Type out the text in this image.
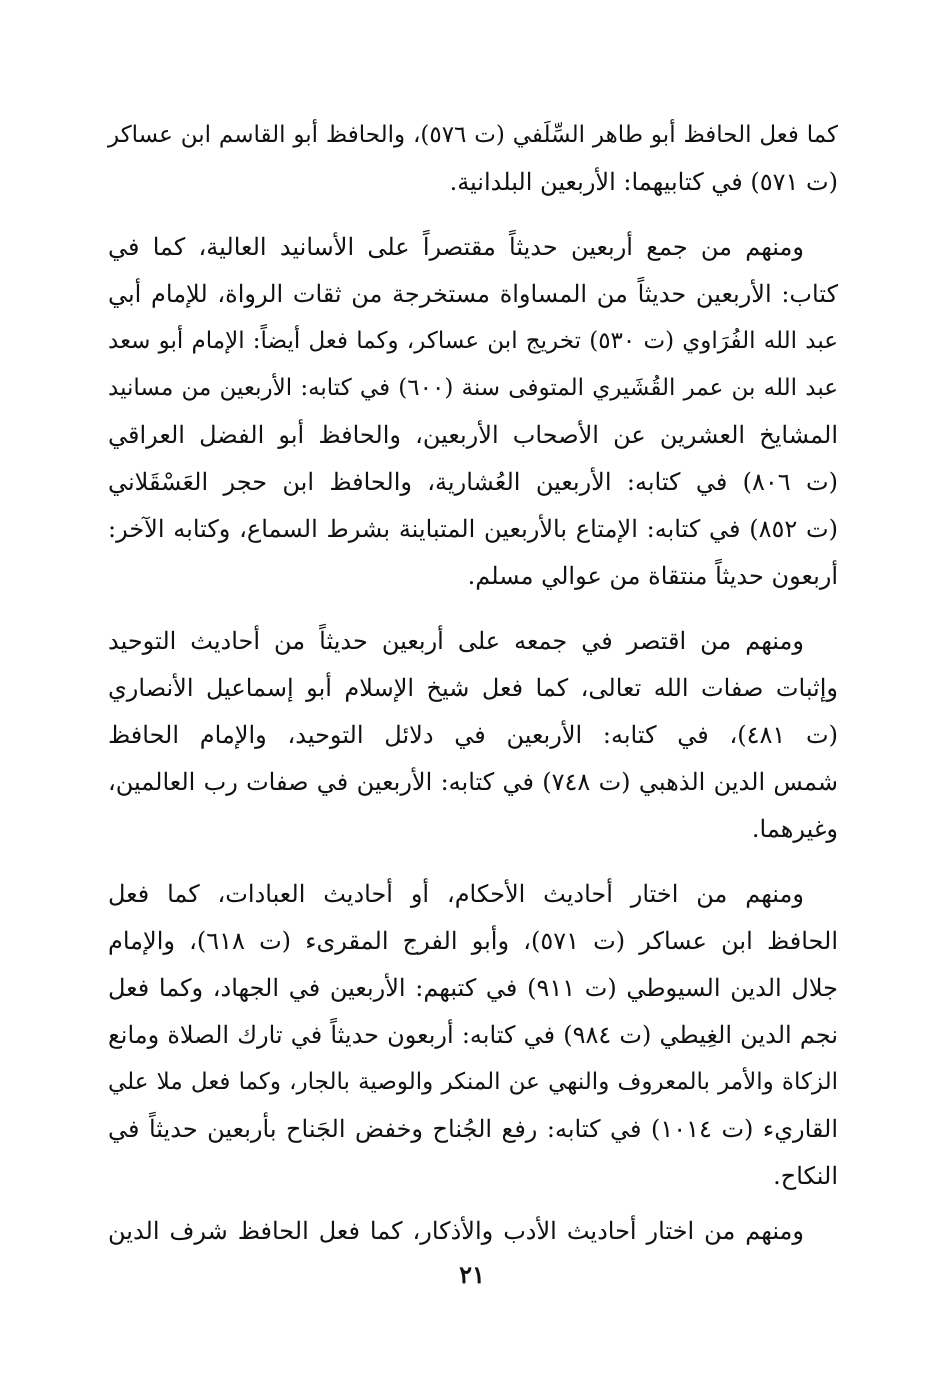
كما فعل الحافظ أبو طاهر السِّلَفي (ت ٥٧٦)، والحافظ أبو القاسم ابن عساكر
(ت ٥٧١) في كتابيهما: الأربعين البلدانية.
ومنهم من جمع أربعين حديثاً مقتصراً على الأسانيد العالية، كما في
كتاب: الأربعين حديثاً من المساواة مستخرجة من ثقات الرواة، للإمام أبي
عبد الله الفُرَاوي (ت ٥٣٠) تخريج ابن عساكر، وكما فعل أيضاً: الإمام أبو سعد
عبد الله بن عمر القُشَيري المتوفى سنة (٦٠٠) في كتابه: الأربعين من مسانيد
المشايخ العشرين عن الأصحاب الأربعين، والحافظ أبو الفضل العراقي
(ت ٨٠٦) في كتابه: الأربعين العُشارية، والحافظ ابن حجر العَسْقَلاني
(ت ٨٥٢) في كتابه: الإمتاع بالأربعين المتباينة بشرط السماع، وكتابه الآخر:
أربعون حديثاً منتقاة من عوالي مسلم.
ومنهم من اقتصر في جمعه على أربعين حديثاً من أحاديث التوحيد
وإثبات صفات الله تعالى، كما فعل شيخ الإسلام أبو إسماعيل الأنصاري
(ت ٤٨١)، في كتابه: الأربعين في دلائل التوحيد، والإمام الحافظ
شمس الدين الذهبي (ت ٧٤٨) في كتابه: الأربعين في صفات رب العالمين،
وغيرهما.
ومنهم من اختار أحاديث الأحكام، أو أحاديث العبادات، كما فعل
الحافظ ابن عساكر (ت ٥٧١)، وأبو الفرج المقرىء (ت ٦١٨)، والإمام
جلال الدين السيوطي (ت ٩١١) في كتبهم: الأربعين في الجهاد، وكما فعل
نجم الدين الغِيطي (ت ٩٨٤) في كتابه: أربعون حديثاً في تارك الصلاة ومانع
الزكاة والأمر بالمعروف والنهي عن المنكر والوصية بالجار، وكما فعل ملا علي
القاريء (ت ١٠١٤) في كتابه: رفع الجُناح وخفض الجَناح بأربعين حديثاً في
النكاح.
ومنهم من اختار أحاديث الأدب والأذكار، كما فعل الحافظ شرف الدين
٢١
